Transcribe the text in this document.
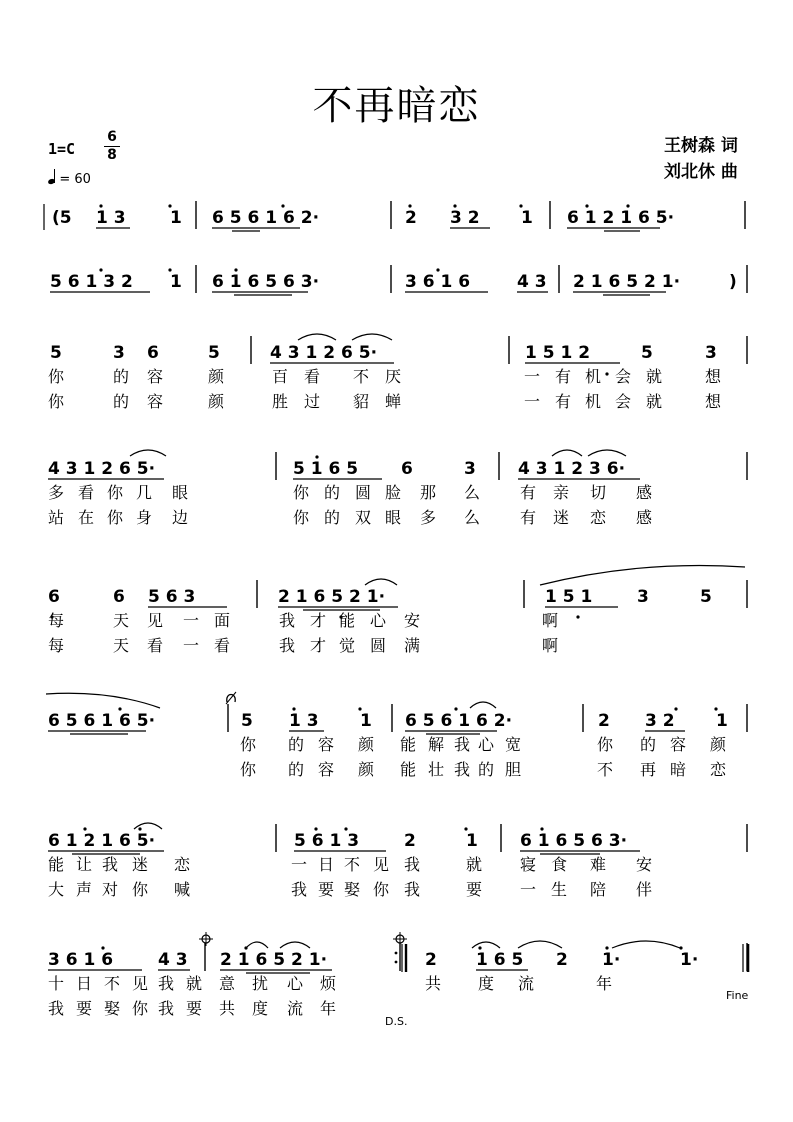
不再暗恋
王树森 词
刘北休 曲
1=C
6
8
= 60
(5 1 3	1 6 5 6 1 6 2·	2 3 2 1 6 1 2 1 6 5·
5 6 1 3 2 1 6 1 6 5 6 3·	3 6 1 6	4 3 2 1 6 5 2 1·	)
5	3 6	5	4 3 1 2 6 5·	1 5 1 2	5	3
你	的 容	颜	百 看 不 厌	一 有 机 会 就	想
你	的 容	颜	胜 过 貂 蝉	一 有 机 会 就	想
4 3 1 2 6 5·	5 1 6 5	6	3 4 3 1 2 3 6·
多 看 你 几 眼	你 的 圆 脸 那 么 有 亲 切 感
站 在 你 身 边	你 的 双 眼 多 么 有 迷 恋 感
6	6 5 6 3	2 1 6 5 2 1·	1 5 1	3	5
每	天 见 一 面	我 才 能 心 安	啊
每	天 看 一 看	我 才 觉 圆 满	啊
6 5 6 1 6 5·	5 1 3 1 6 5 6 1 6 2·	2 3 2 1
你 的 容 颜 能 解 我 心 宽	你 的 容 颜
你 的 容 颜 能 壮 我 的 胆	不 再 暗 恋
6 1 2 1 6 5·	5 6 1 3	2	1 6 1 6 5 6 3·
能 让 我 迷 恋	一 日 不 见 我	就 寝 食 难 安
大 声 对 你 喊	我 要 娶 你 我	要 一 生 陪 伴
3 6 1 6	4 3 2 1 6 5 2 1·	2 1 6 5 2 1·	1·
十 日 不 见 我 就 意 扰 心 烦	共 度 流	年
我 要 娶 你 我 要 共 度 流 年
D.S.
Fine
